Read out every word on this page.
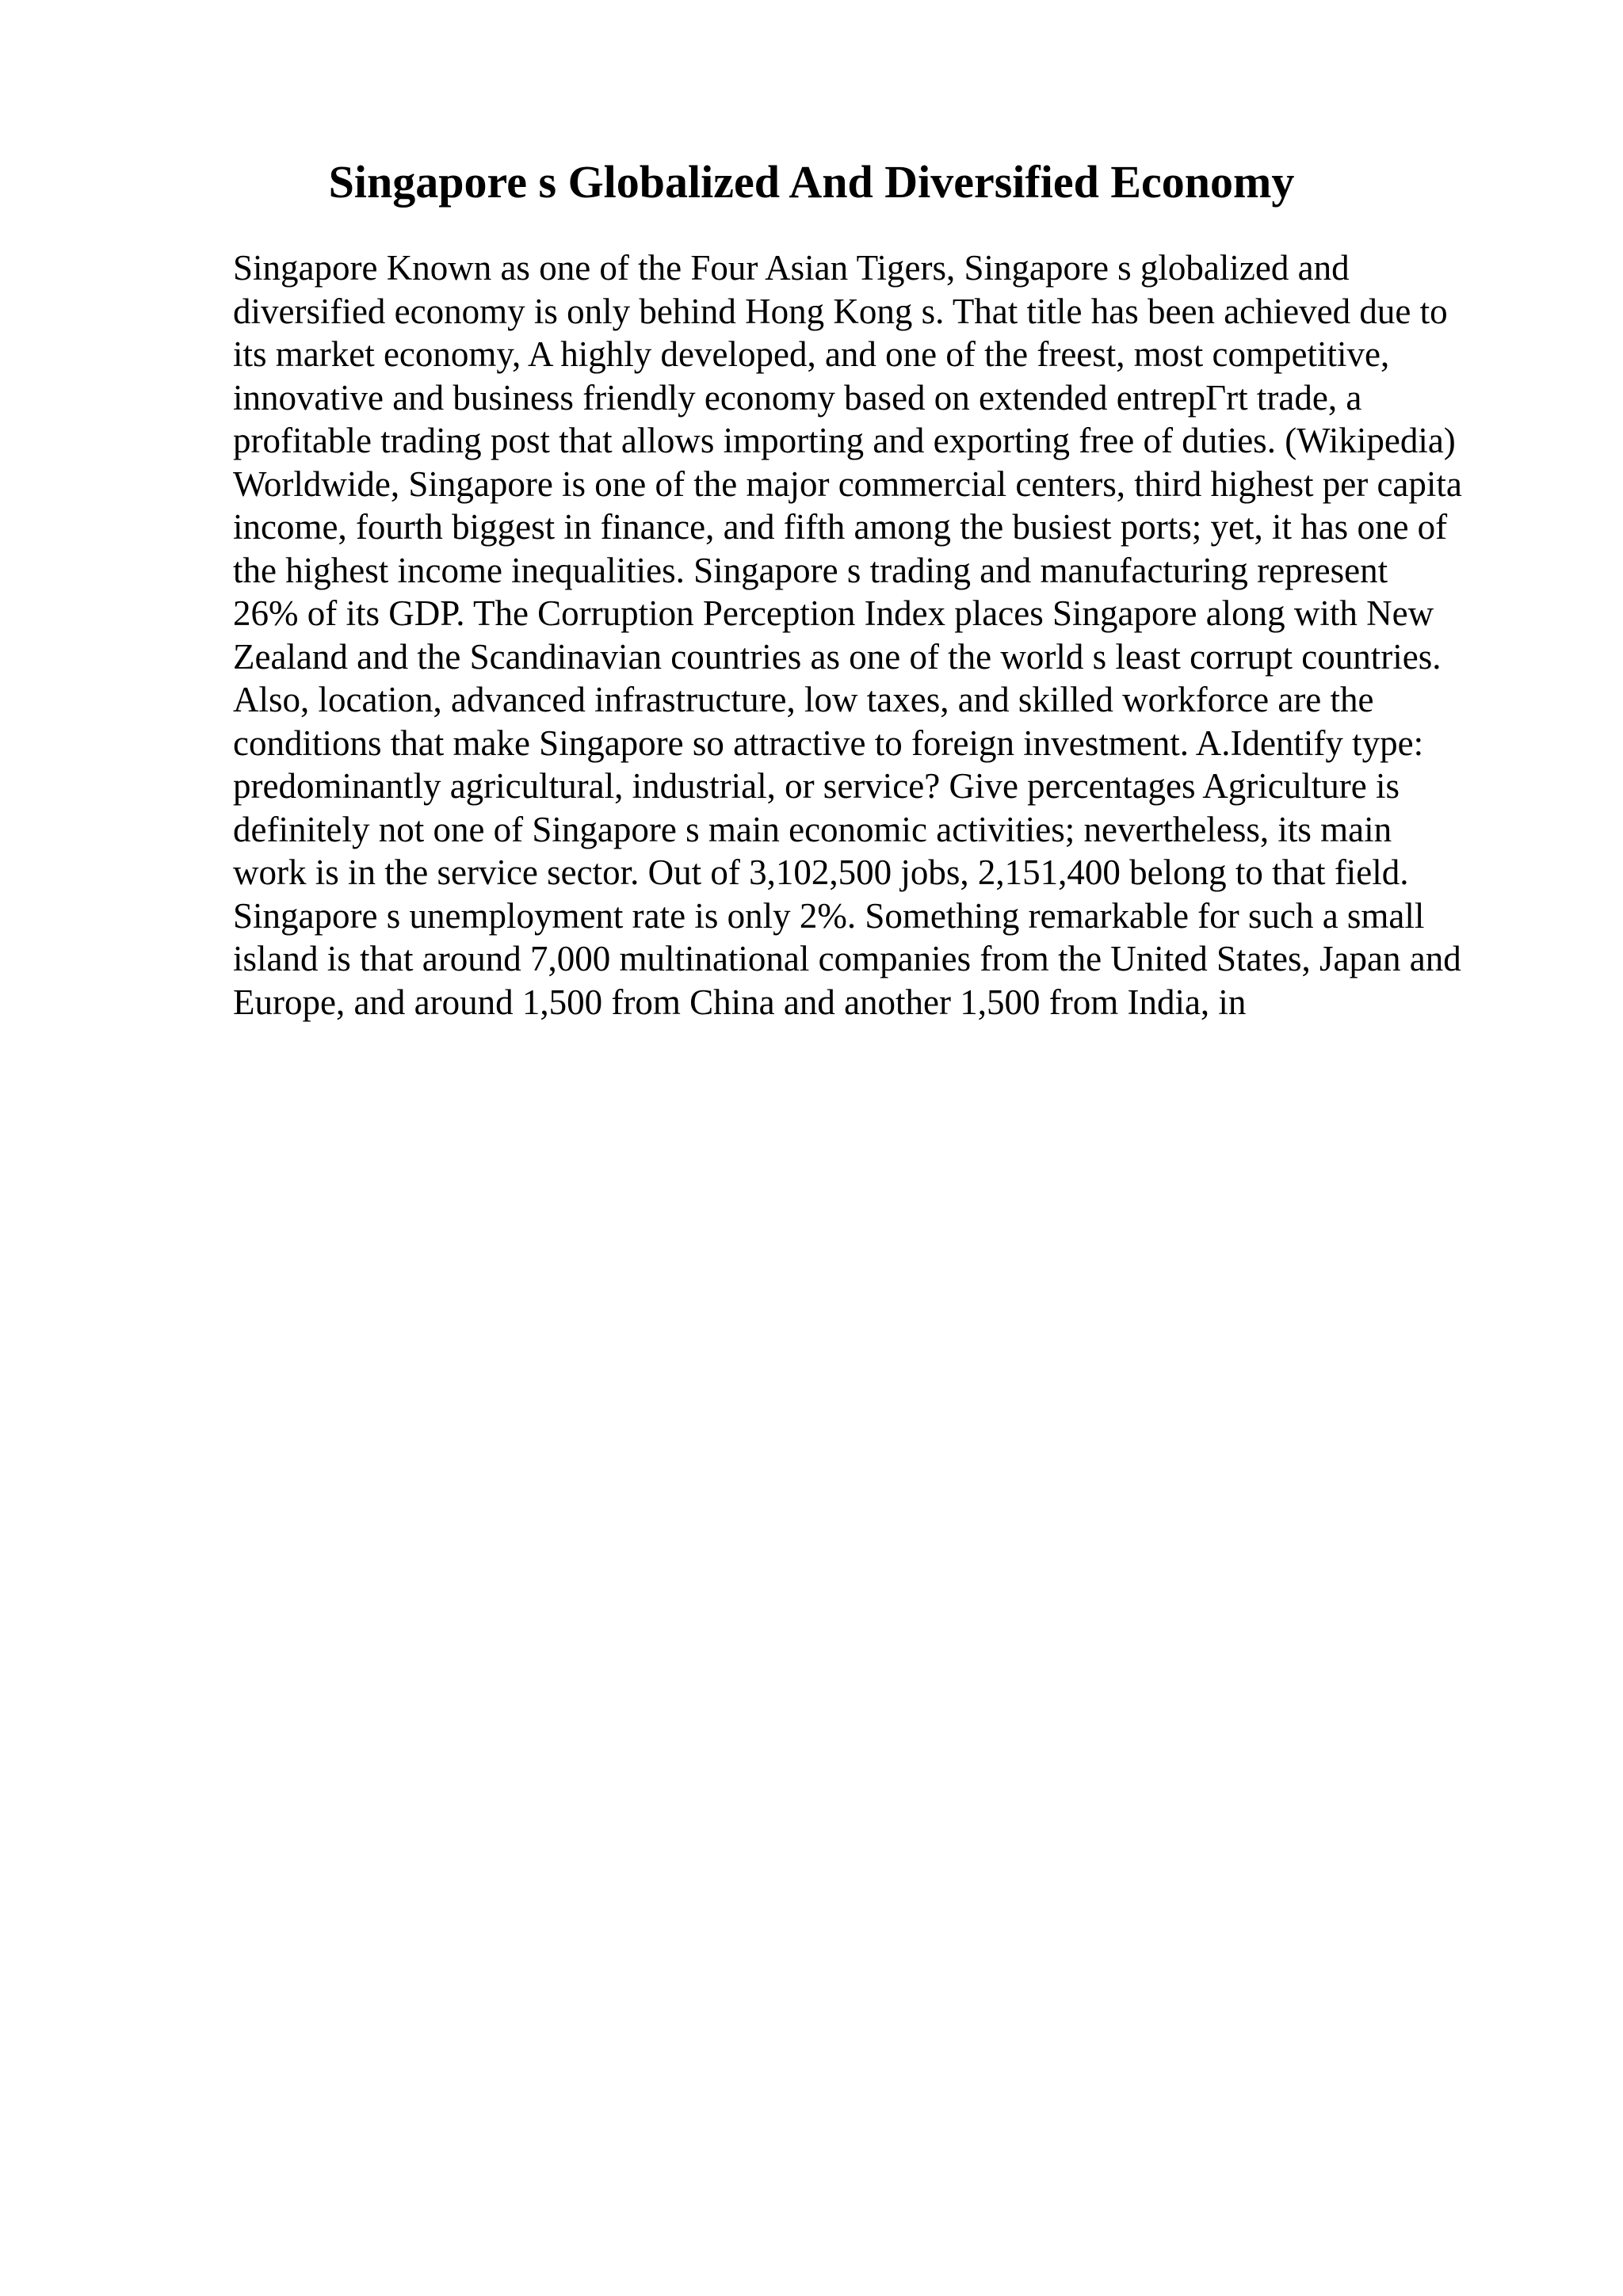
Singapore s Globalized And Diversified Economy
Singapore Known as one of the Four Asian Tigers, Singapore s globalized and
diversified economy is only behind Hong Kong s. That title has been achieved due to
its market economy, A highly developed, and one of the freest, most competitive,
innovative and business friendly economy based on extended entrepΓrt trade, a
profitable trading post that allows importing and exporting free of duties. (Wikipedia)
Worldwide, Singapore is one of the major commercial centers, third highest per capita
income, fourth biggest in finance, and fifth among the busiest ports; yet, it has one of
the highest income inequalities. Singapore s trading and manufacturing represent
26% of its GDP. The Corruption Perception Index places Singapore along with New
Zealand and the Scandinavian countries as one of the world s least corrupt countries.
Also, location, advanced infrastructure, low taxes, and skilled workforce are the
conditions that make Singapore so attractive to foreign investment. A.Identify type:
predominantly agricultural, industrial, or service? Give percentages Agriculture is
definitely not one of Singapore s main economic activities; nevertheless, its main
work is in the service sector. Out of 3,102,500 jobs, 2,151,400 belong to that field.
Singapore s unemployment rate is only 2%. Something remarkable for such a small
island is that around 7,000 multinational companies from the United States, Japan and
Europe, and around 1,500 from China and another 1,500 from India, in
